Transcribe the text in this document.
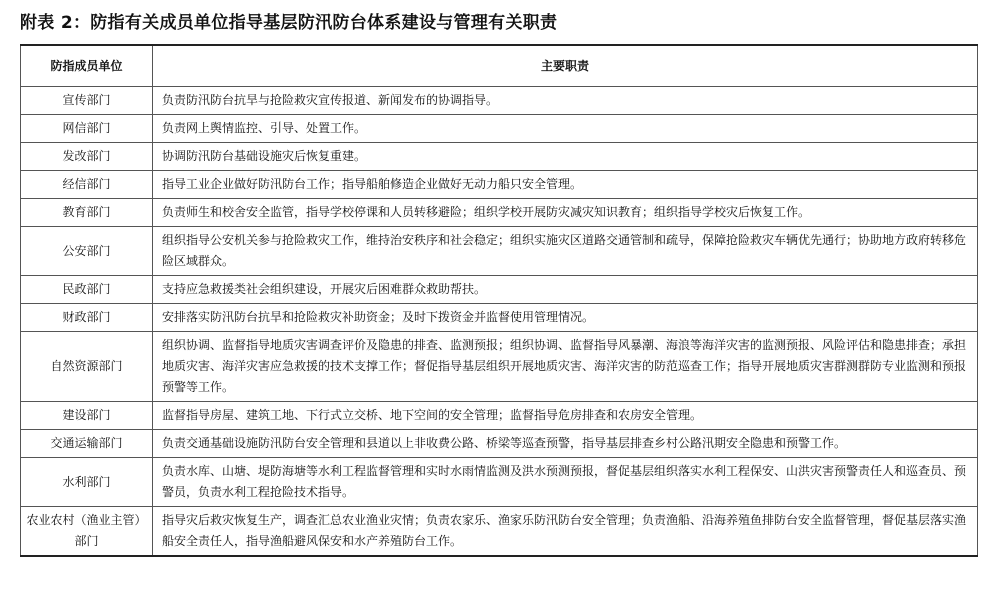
附表 2：防指有关成员单位指导基层防汛防台体系建设与管理有关职责
防指成员单位	主要职责
宣传部门	负责防汛防台抗旱与抢险救灾宣传报道、新闻发布的协调指导。
网信部门	负责网上舆情监控、引导、处置工作。
发改部门	协调防汛防台基础设施灾后恢复重建。
经信部门	指导工业企业做好防汛防台工作；指导船舶修造企业做好无动力船只安全管理。
教育部门	负责师生和校舍安全监管，指导学校停课和人员转移避险；组织学校开展防灾减灾知识教育；组织指导学校灾后恢复工作。
公安部门	组织指导公安机关参与抢险救灾工作，维持治安秩序和社会稳定；组织实施灾区道路交通管制和疏导，保障抢险救灾车辆优先通行；协助地方政府转移危险区域群众。
民政部门	支持应急救援类社会组织建设，开展灾后困难群众救助帮扶。
财政部门	安排落实防汛防台抗旱和抢险救灾补助资金；及时下拨资金并监督使用管理情况。
自然资源部门	组织协调、监督指导地质灾害调查评价及隐患的排查、监测预报；组织协调、监督指导风暴潮、海浪等海洋灾害的监测预报、风险评估和隐患排查；承担地质灾害、海洋灾害应急救援的技术支撑工作；督促指导基层组织开展地质灾害、海洋灾害的防范巡查工作；指导开展地质灾害群测群防专业监测和预报预警等工作。
建设部门	监督指导房屋、建筑工地、下行式立交桥、地下空间的安全管理；监督指导危房排查和农房安全管理。
交通运输部门	负责交通基础设施防汛防台安全管理和县道以上非收费公路、桥梁等巡查预警，指导基层排查乡村公路汛期安全隐患和预警工作。
水利部门	负责水库、山塘、堤防海塘等水利工程监督管理和实时水雨情监测及洪水预测预报，督促基层组织落实水利工程保安、山洪灾害预警责任人和巡查员、预警员，负责水利工程抢险技术指导。
农业农村（渔业主管）部门	指导灾后救灾恢复生产，调查汇总农业渔业灾情；负责农家乐、渔家乐防汛防台安全管理；负责渔船、沿海养殖鱼排防台安全监督管理，督促基层落实渔船安全责任人，指导渔船避风保安和水产养殖防台工作。
